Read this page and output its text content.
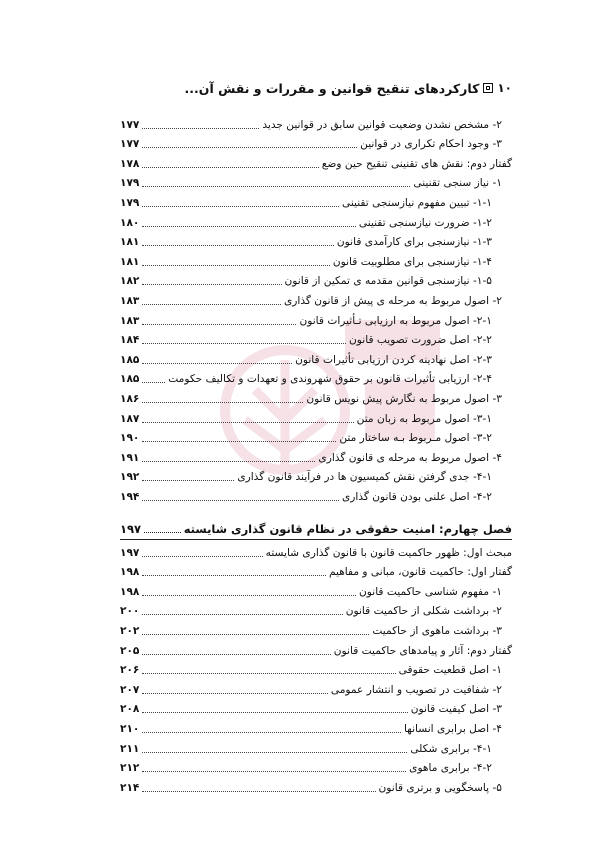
۱۰
کارکردهای تنقیح قوانین و مقررات و نقش آن...
۲- مشخص نشدن وضعیت قوانین سابق در قوانین جدید
۱۷۷
۳- وجود احکام تکراری در قوانین
۱۷۷
گفتار دوم: نقش های تقنینی تنقیح حین وضع
۱۷۸
۱- نیاز سنجی تقنینی
۱۷۹
۱-۱- تبیین مفهوم نیازسنجی تقنینی
۱۷۹
۱-۲- ضرورت نیازسنجی تقنینی
۱۸۰
۱-۳- نیازسنجی برای کارآمدی قانون
۱۸۱
۱-۴- نیازسنجی برای مطلوبیت قانون
۱۸۱
۱-۵- نیازسنجی قوانین مقدمه ی تمکین از قانون
۱۸۲
۲- اصول مربوط به مرحله ی پیش از قانون گذاری
۱۸۳
۲-۱- اصول مربوط به ارزیابی تـأثیرات قانون
۱۸۳
۲-۲- اصل ضرورت تصویب قانون
۱۸۴
۲-۳- اصل نهادینه کردن ارزیابی تأثیرات قانون
۱۸۵
۲-۴- ارزیابی تأثیرات قانون بر حقوق شهروندی و تعهدات و تکالیف حکومت
۱۸۵
۳- اصول مربوط به نگارش پیش نویس قانون
۱۸۶
۳-۱- اصول مربوط به زبان متن
۱۸۷
۳-۲- اصول مـربوط بـه ساختار متن
۱۹۰
۴- اصول مربوط به مرحله ی قانون گذاری
۱۹۱
۴-۱- جدی گرفتن نقش کمیسیون ها در فرآیند قانون گذاری
۱۹۲
۴-۲- اصل علنی بودن قانون گذاری
۱۹۴
فصل چهارم: امنیت حقوقی در نظام قانون گذاری شایسته
۱۹۷
مبحث اول: ظهور حاکمیت قانون با قانون گذاری شایسته
۱۹۷
گفتار اول: حاکمیت قانون، مبانی و مفاهیم
۱۹۸
۱- مفهوم شناسی حاکمیت قانون
۱۹۸
۲- برداشت شکلی از حاکمیت قانون
۲۰۰
۳- برداشت ماهوی از حاکمیت
۲۰۲
گفتار دوم: آثار و پیامدهای حاکمیت قانون
۲۰۵
۱- اصل قطعیت حقوقی
۲۰۶
۲- شفافیت در تصویب و انتشار عمومی
۲۰۷
۳- اصل کیفیت قانون
۲۰۸
۴- اصل برابری انسانها
۲۱۰
۴-۱- برابری شکلی
۲۱۱
۴-۲- برابری ماهوی
۲۱۲
۵- پاسخگویی و برتری قانون
۲۱۴
